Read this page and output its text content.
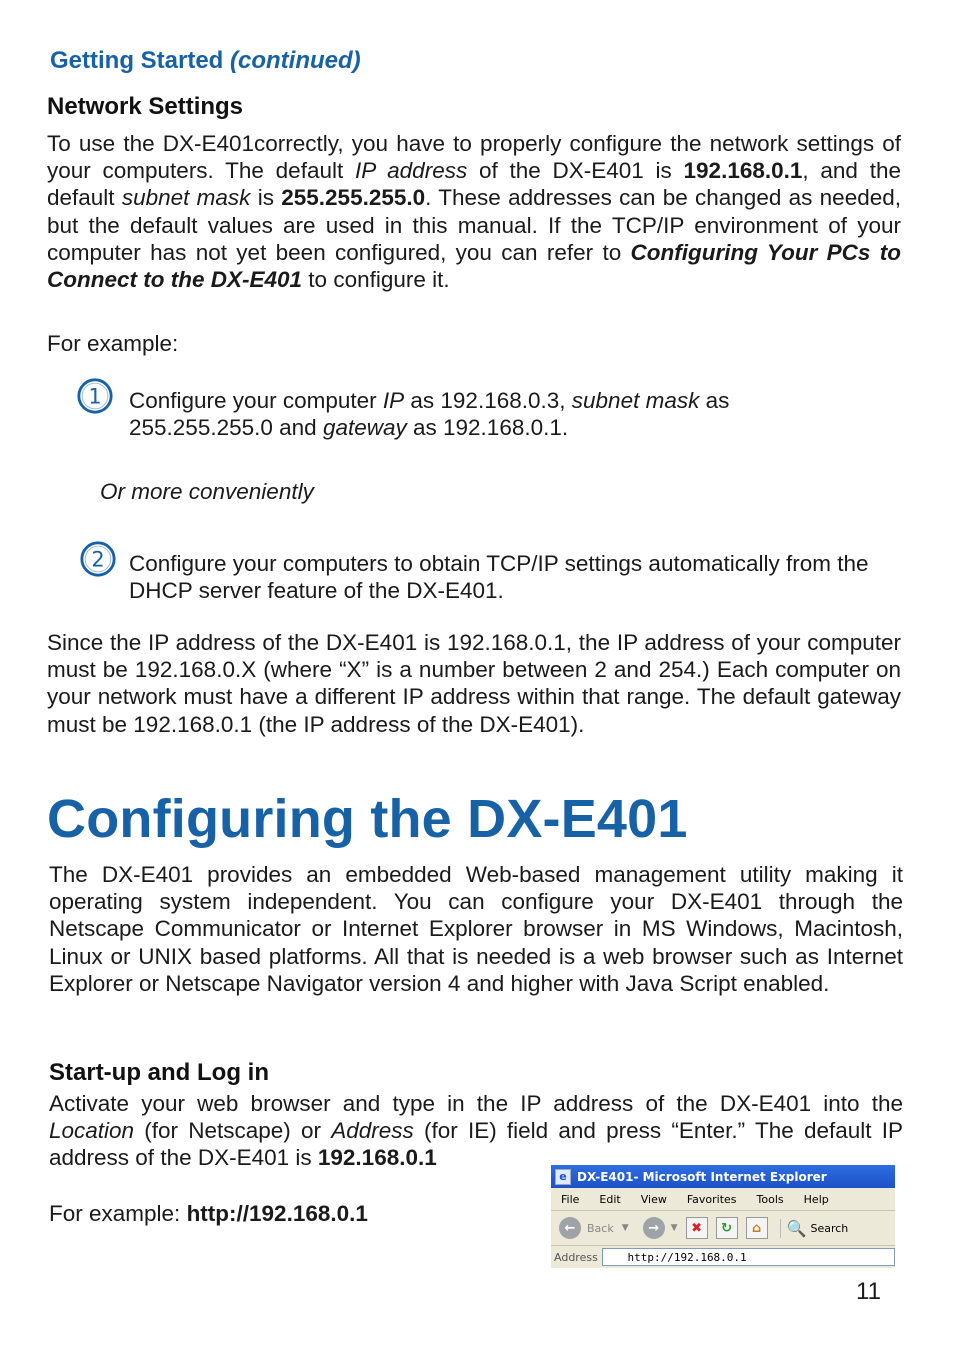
Getting Started (continued)
Network Settings

To use the DX-E401correctly, you have to properly configure the network settings of your computers. The default IP address of the DX-E401 is 192.168.0.1, and the default subnet mask is 255.255.255.0. These addresses can be changed as needed, but the default values are used in this manual. If the TCP/IP environment of your computer has not yet been configured, you can refer to Configuring Your PCs to Connect to the DX-E401 to configure it.

For example:
1 Configure your computer IP as 192.168.0.3, subnet mask as 255.255.255.0 and gateway as 192.168.0.1.
Or more conveniently
2 Configure your computers to obtain TCP/IP settings automatically from the DHCP server feature of the DX-E401.

Since the IP address of the DX-E401 is 192.168.0.1, the IP address of your computer must be 192.168.0.X (where “X” is a number between 2 and 254.) Each computer on your network must have a different IP address within that range. The default gateway must be 192.168.0.1 (the IP address of the DX-E401).

Configuring the DX-E401

The DX-E401 provides an embedded Web-based management utility making it operating system independent. You can configure your DX-E401 through the Netscape Communicator or Internet Explorer browser in MS Windows, Macintosh, Linux or UNIX based platforms. All that is needed is a web browser such as Internet Explorer or Netscape Navigator version 4 and higher with Java Script enabled.

Start-up and Log in

Activate your web browser and type in the IP address of the DX-E401 into the Location (for Netscape) or Address (for IE) field and press “Enter.” The default IP address of the DX-E401 is 192.168.0.1

For example: http://192.168.0.1
e DX-E401- Microsoft Internet Explorer
File Edit View Favorites Tools Help
←	Back ▼	→	▼	✖	↻	⌂	🔍 Search
Address	http://192.168.0.1
11
